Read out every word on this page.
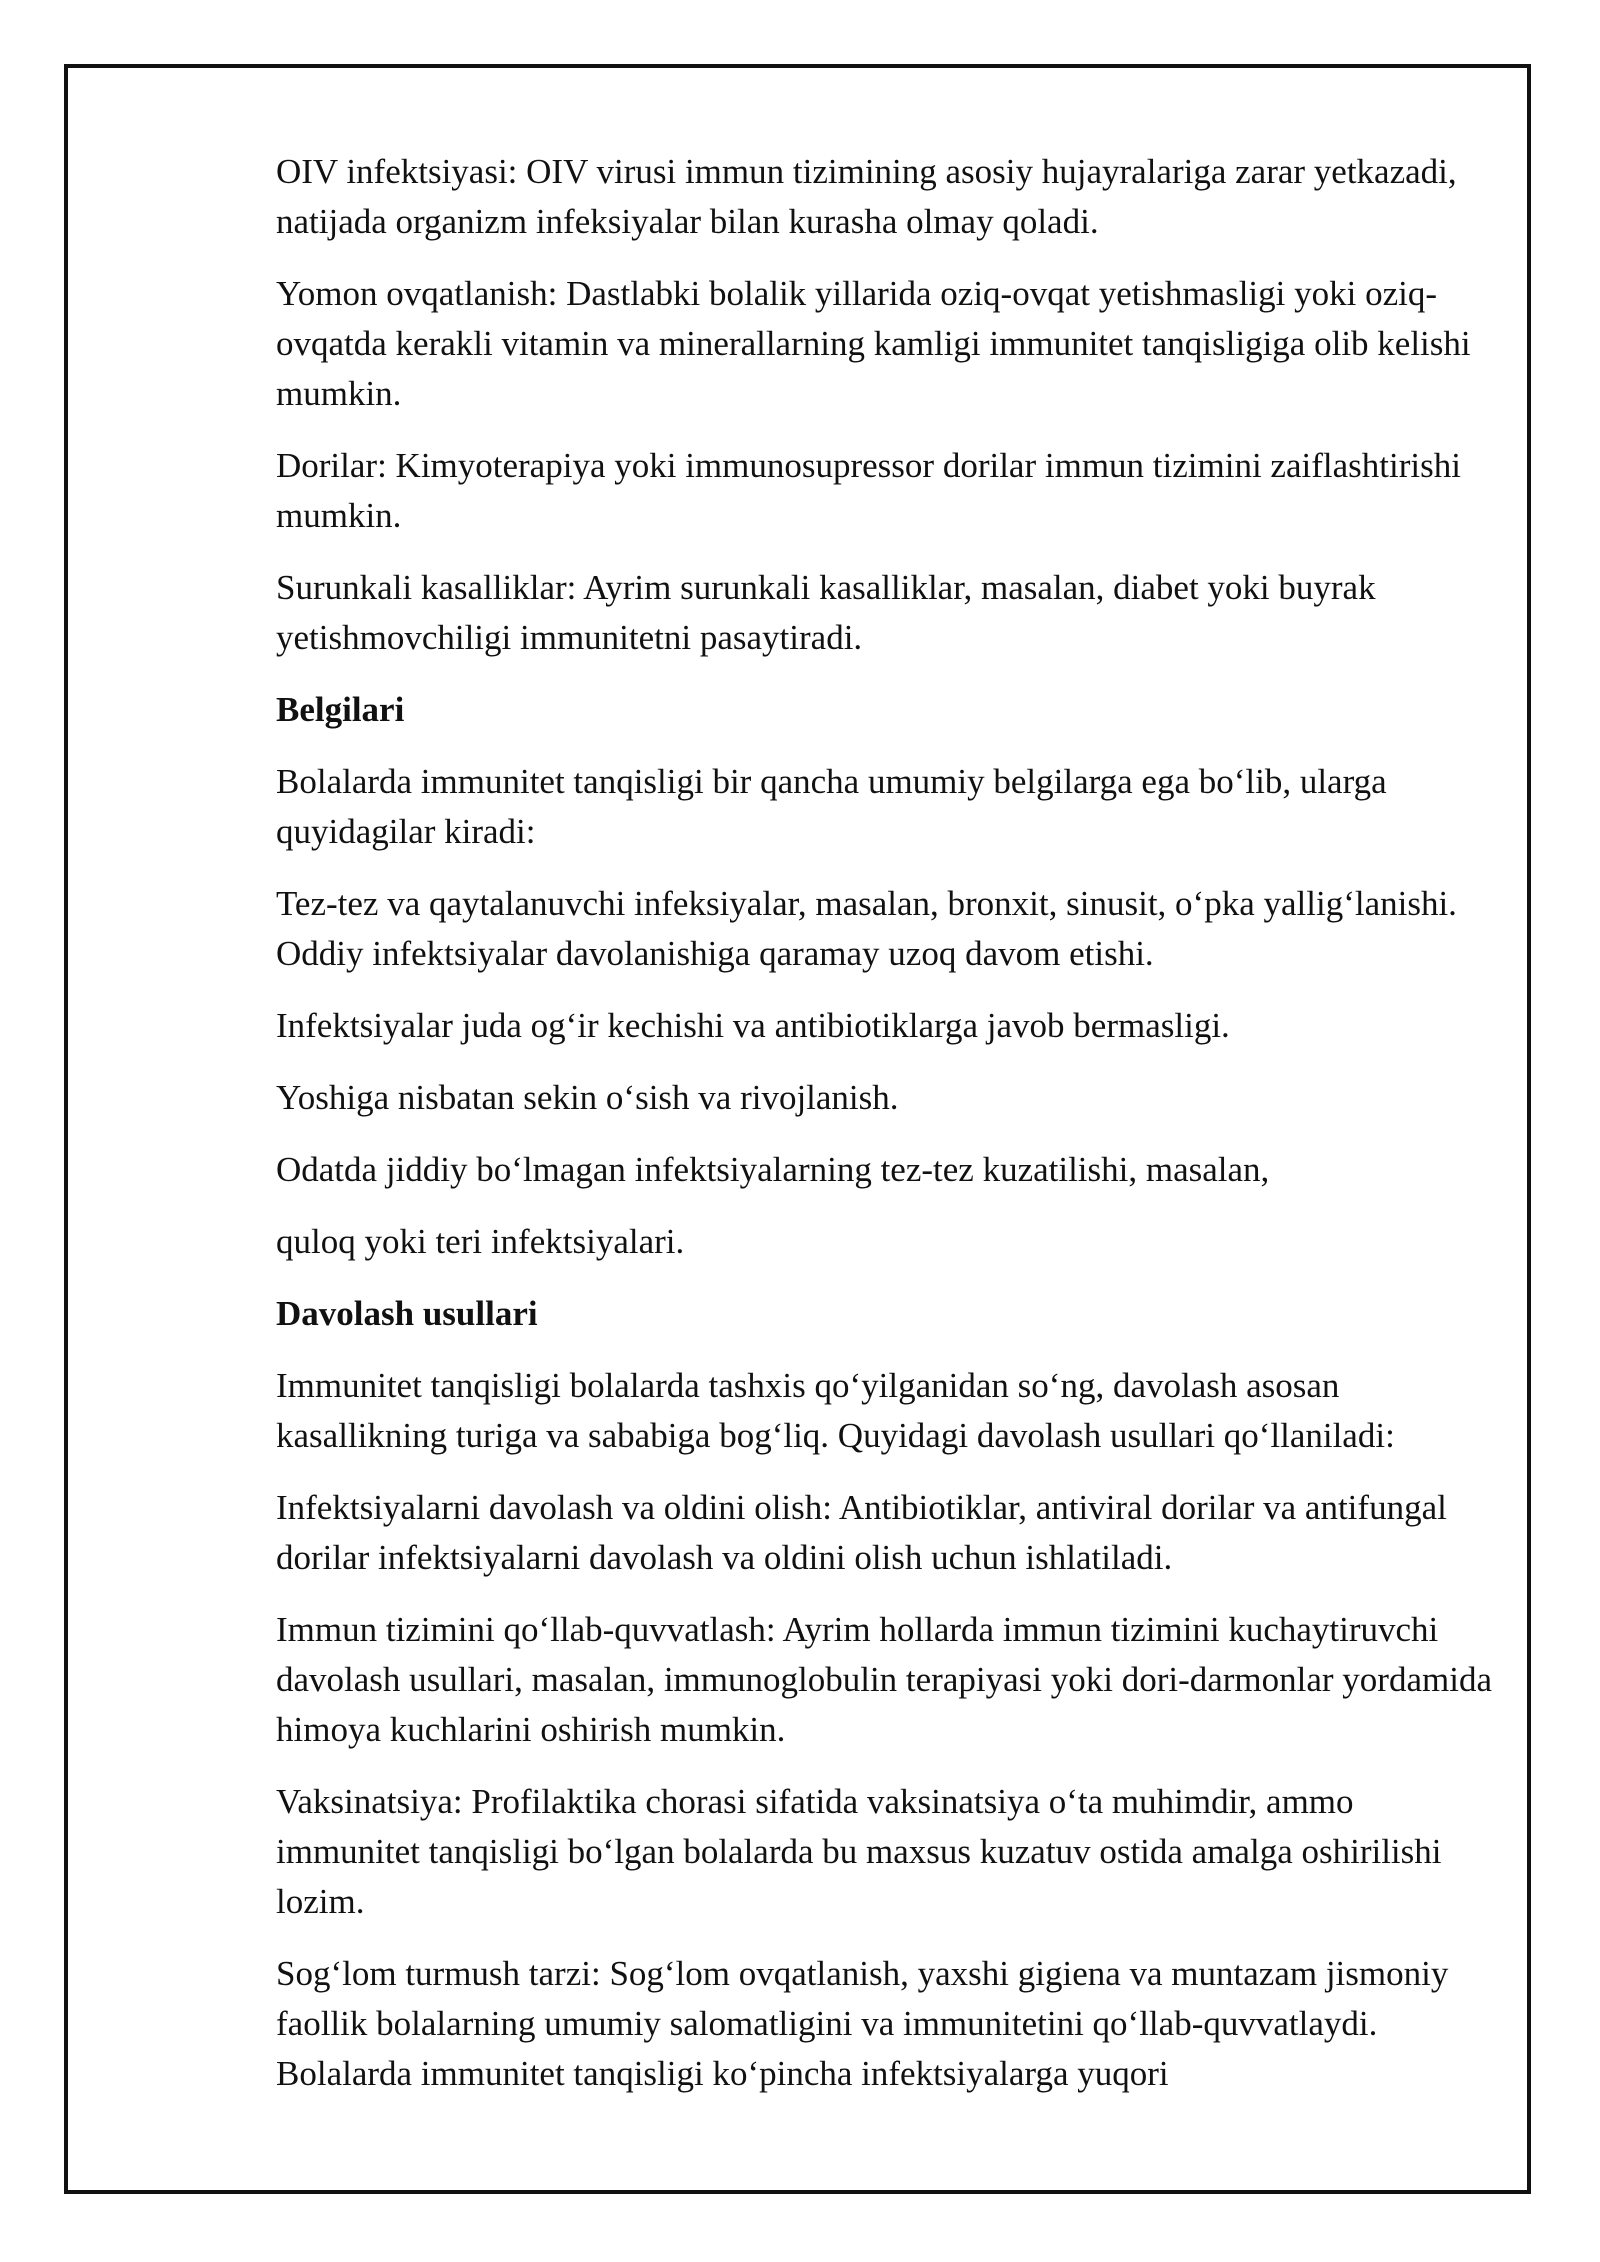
OIV infektsiyasi: OIV virusi immun tizimining asosiy hujayralariga zarar yetkazadi, natijada organizm infeksiyalar bilan kurasha olmay qoladi.

Yomon ovqatlanish: Dastlabki bolalik yillarida oziq-ovqat yetishmasligi yoki oziq-ovqatda kerakli vitamin va minerallarning kamligi immunitet tanqisligiga olib kelishi mumkin.

Dorilar: Kimyoterapiya yoki immunosupressor dorilar immun tizimini zaiflashtirishi mumkin.

Surunkali kasalliklar: Ayrim surunkali kasalliklar, masalan, diabet yoki buyrak yetishmovchiligi immunitetni pasaytiradi.

Belgilari

Bolalarda immunitet tanqisligi bir qancha umumiy belgilarga ega bo‘lib, ularga quyidagilar kiradi:

Tez-tez va qaytalanuvchi infeksiyalar, masalan, bronxit, sinusit, o‘pka yallig‘lanishi. Oddiy infektsiyalar davolanishiga qaramay uzoq davom etishi.

Infektsiyalar juda og‘ir kechishi va antibiotiklarga javob bermasligi.

Yoshiga nisbatan sekin o‘sish va rivojlanish.

Odatda jiddiy bo‘lmagan infektsiyalarning tez-tez kuzatilishi, masalan,

quloq yoki teri infektsiyalari.

Davolash usullari

Immunitet tanqisligi bolalarda tashxis qo‘yilganidan so‘ng, davolash asosan kasallikning turiga va sababiga bog‘liq. Quyidagi davolash usullari qo‘llaniladi:

Infektsiyalarni davolash va oldini olish: Antibiotiklar, antiviral dorilar va antifungal dorilar infektsiyalarni davolash va oldini olish uchun ishlatiladi.

Immun tizimini qo‘llab-quvvatlash: Ayrim hollarda immun tizimini kuchaytiruvchi davolash usullari, masalan, immunoglobulin terapiyasi yoki dori-darmonlar yordamida himoya kuchlarini oshirish mumkin.

Vaksinatsiya: Profilaktika chorasi sifatida vaksinatsiya o‘ta muhimdir, ammo immunitet tanqisligi bo‘lgan bolalarda bu maxsus kuzatuv ostida amalga oshirilishi lozim.

Sog‘lom turmush tarzi: Sog‘lom ovqatlanish, yaxshi gigiena va muntazam jismoniy faollik bolalarning umumiy salomatligini va immunitetini qo‘llab-quvvatlaydi. Bolalarda immunitet tanqisligi ko‘pincha infektsiyalarga yuqori
